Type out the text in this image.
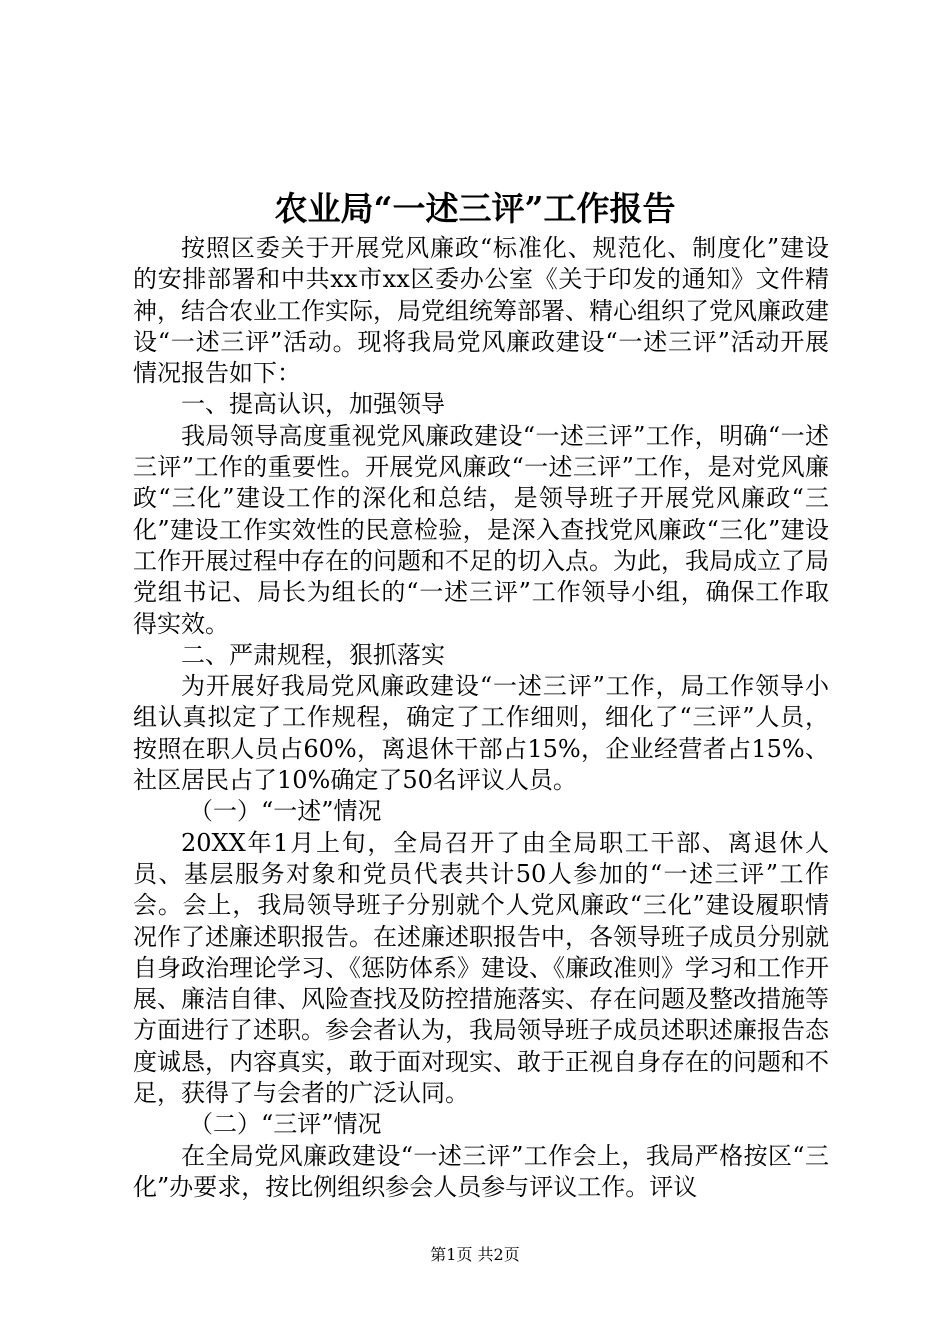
农业局“一述三评”工作报告

按照区委关于开展党风廉政“标准化、规范化、制度化”建设的安排部署和中共xx市xx区委办公室《关于印发的通知》文件精神，结合农业工作实际，局党组统筹部署、精心组织了党风廉政建设“一述三评”活动。现将我局党风廉政建设“一述三评”活动开展情况报告如下：

一、提高认识，加强领导

我局领导高度重视党风廉政建设“一述三评”工作，明确“一述三评”工作的重要性。开展党风廉政“一述三评”工作，是对党风廉政“三化”建设工作的深化和总结，是领导班子开展党风廉政“三化”建设工作实效性的民意检验，是深入查找党风廉政“三化”建设工作开展过程中存在的问题和不足的切入点。为此，我局成立了局党组书记、局长为组长的“一述三评”工作领导小组，确保工作取得实效。

二、严肃规程，狠抓落实

为开展好我局党风廉政建设“一述三评”工作，局工作领导小组认真拟定了工作规程，确定了工作细则，细化了“三评”人员，按照在职人员占60%，离退休干部占15%，企业经营者占15%、社区居民占了10%确定了50名评议人员。

（一）“一述”情况

20XX年1月上旬，全局召开了由全局职工干部、离退休人员、基层服务对象和党员代表共计50人参加的“一述三评”工作会。会上，我局领导班子分别就个人党风廉政“三化”建设履职情况作了述廉述职报告。在述廉述职报告中，各领导班子成员分别就自身政治理论学习、《惩防体系》建设、《廉政准则》学习和工作开展、廉洁自律、风险查找及防控措施落实、存在问题及整改措施等方面进行了述职。参会者认为，我局领导班子成员述职述廉报告态度诚恳，内容真实，敢于面对现实、敢于正视自身存在的问题和不足，获得了与会者的广泛认同。

（二）“三评”情况

在全局党风廉政建设“一述三评”工作会上，我局严格按区“三化”办要求，按比例组织参会人员参与评议工作。评议

第1页 共2页
